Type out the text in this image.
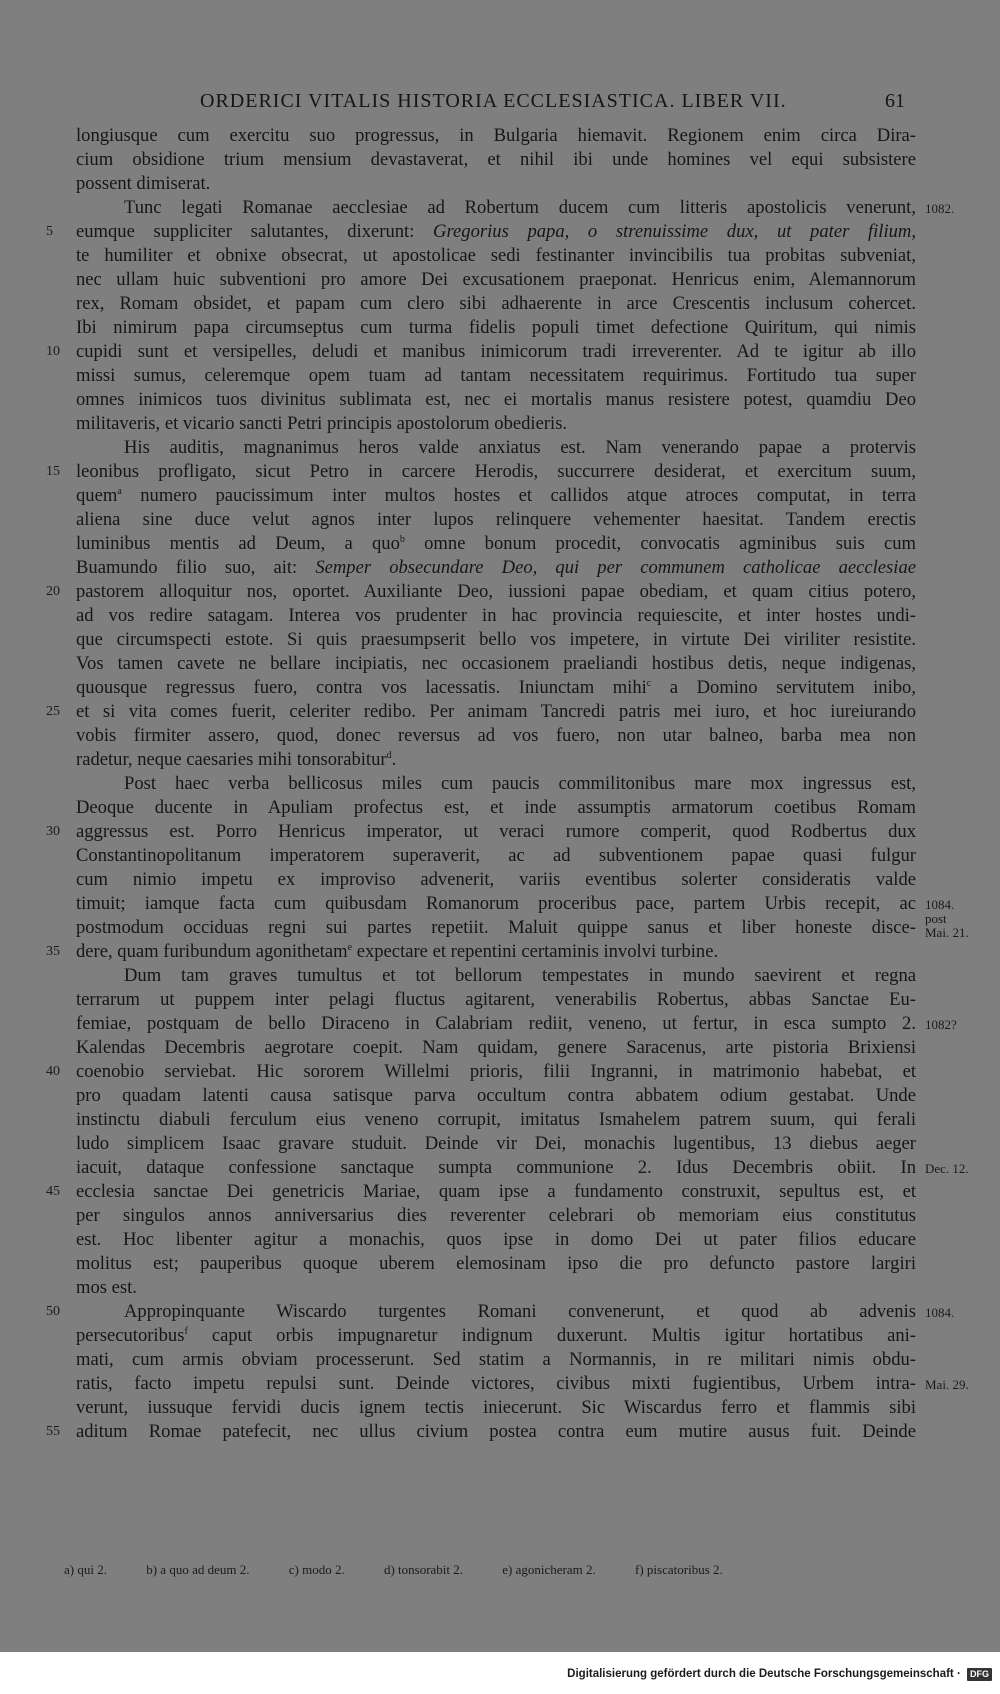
ORDERICI VITALIS HISTORIA ECCLESIASTICA. LIBER VII.	61
longiusque cum exercitu suo progressus, in Bulgaria hiemavit. Regionem enim circa Dira-
cium obsidione trium mensium devastaverat, et nihil ibi unde homines vel equi subsistere
possent dimiserat.
Tunc legati Romanae aecclesiae ad Robertum ducem cum litteris apostolicis venerunt,
eumque suppliciter salutantes, dixerunt: Gregorius papa, o strenuissime dux, ut pater filium,
te humiliter et obnixe obsecrat, ut apostolicae sedi festinanter invincibilis tua probitas subveniat,
nec ullam huic subventioni pro amore Dei excusationem praeponat. Henricus enim, Alemannorum
rex, Romam obsidet, et papam cum clero sibi adhaerente in arce Crescentis inclusum cohercet.
Ibi nimirum papa circumseptus cum turma fidelis populi timet defectione Quiritum, qui nimis
cupidi sunt et versipelles, deludi et manibus inimicorum tradi irreverenter. Ad te igitur ab illo
missi sumus, celeremque opem tuam ad tantam necessitatem requirimus. Fortitudo tua super
omnes inimicos tuos divinitus sublimata est, nec ei mortalis manus resistere potest, quamdiu Deo
militaveris, et vicario sancti Petri principis apostolorum obedieris.
His auditis, magnanimus heros valde anxiatus est. Nam venerando papae a protervis
leonibus profligato, sicut Petro in carcere Herodis, succurrere desiderat, et exercitum suum,
quem$^a$ numero paucissimum inter multos hostes et callidos atque atroces computat, in terra
aliena sine duce velut agnos inter lupos relinquere vehementer haesitat. Tandem erectis
luminibus mentis ad Deum, a quo$^b$ omne bonum procedit, convocatis agminibus suis cum
Buamundo filio suo, ait: Semper obsecundare Deo, qui per communem catholicae aecclesiae
pastorem alloquitur nos, oportet. Auxiliante Deo, iussioni papae obediam, et quam citius potero,
ad vos redire satagam. Interea vos prudenter in hac provincia requiescite, et inter hostes undi-
que circumspecti estote. Si quis praesumpserit bello vos impetere, in virtute Dei viriliter resistite.
Vos tamen cavete ne bellare incipiatis, nec occasionem praeliandi hostibus detis, neque indigenas,
quousque regressus fuero, contra vos lacessatis. Iniunctam mihi$^c$ a Domino servitutem inibo,
et si vita comes fuerit, celeriter redibo. Per animam Tancredi patris mei iuro, et hoc iureiurando
vobis firmiter assero, quod, donec reversus ad vos fuero, non utar balneo, barba mea non
radetur, neque caesaries mihi tonsorabitur$^d$.
Post haec verba bellicosus miles cum paucis commilitonibus mare mox ingressus est,
Deoque ducente in Apuliam profectus est, et inde assumptis armatorum coetibus Romam
aggressus est. Porro Henricus imperator, ut veraci rumore comperit, quod Rodbertus dux
Constantinopolitanum imperatorem superaverit, ac ad subventionem papae quasi fulgur
cum nimio impetu ex improviso advenerit, variis eventibus solerter consideratis valde
timuit; iamque facta cum quibusdam Romanorum proceribus pace, partem Urbis recepit, ac
postmodum occiduas regni sui partes repetiit. Maluit quippe sanus et liber honeste disce-
dere, quam furibundum agonithetam$^e$ expectare et repentini certaminis involvi turbine.
Dum tam graves tumultus et tot bellorum tempestates in mundo saevirent et regna
terrarum ut puppem inter pelagi fluctus agitarent, venerabilis Robertus, abbas Sanctae Eu-
femiae, postquam de bello Diraceno in Calabriam rediit, veneno, ut fertur, in esca sumpto 2.
Kalendas Decembris aegrotare coepit. Nam quidam, genere Saracenus, arte pistoria Brixiensi
coenobio serviebat. Hic sororem Willelmi prioris, filii Ingranni, in matrimonio habebat, et
pro quadam latenti causa satisque parva occultum contra abbatem odium gestabat. Unde
instinctu diabuli ferculum eius veneno corrupit, imitatus Ismahelem patrem suum, qui ferali
ludo simplicem Isaac gravare studuit. Deinde vir Dei, monachis lugentibus, 13 diebus aeger
iacuit, dataque confessione sanctaque sumpta communione 2. Idus Decembris obiit. In
ecclesia sanctae Dei genetricis Mariae, quam ipse a fundamento construxit, sepultus est, et
per singulos annos anniversarius dies reverenter celebrari ob memoriam eius constitutus
est. Hoc libenter agitur a monachis, quos ipse in domo Dei ut pater filios educare
molitus est; pauperibus quoque uberem elemosinam ipso die pro defuncto pastore largiri
mos est.
Appropinquante Wiscardo turgentes Romani convenerunt, et quod ab advenis
persecutoribus$^f$ caput orbis impugnaretur indignum duxerunt. Multis igitur hortatibus ani-
mati, cum armis obviam processerunt. Sed statim a Normannis, in re militari nimis obdu-
ratis, facto impetu repulsi sunt. Deinde victores, civibus mixti fugientibus, Urbem intra-
verunt, iussuque fervidi ducis ignem tectis iniecerunt. Sic Wiscardus ferro et flammis sibi
aditum Romae patefecit, nec ullus civium postea contra eum mutire ausus fuit. Deinde
5
10
15
20
25
30
35
40
45
50
55
1082.
1084.
post
Mai. 21.
1082?
Dec. 12.
1084.
Mai. 29.
a) qui 2.	b) a quo ad deum 2.	c) modo 2.	d) tonsorabit 2.	e) agonicheram 2.	f) piscatoribus 2.
Digitalisierung gefördert durch die Deutsche Forschungsgemeinschaft · DFG
